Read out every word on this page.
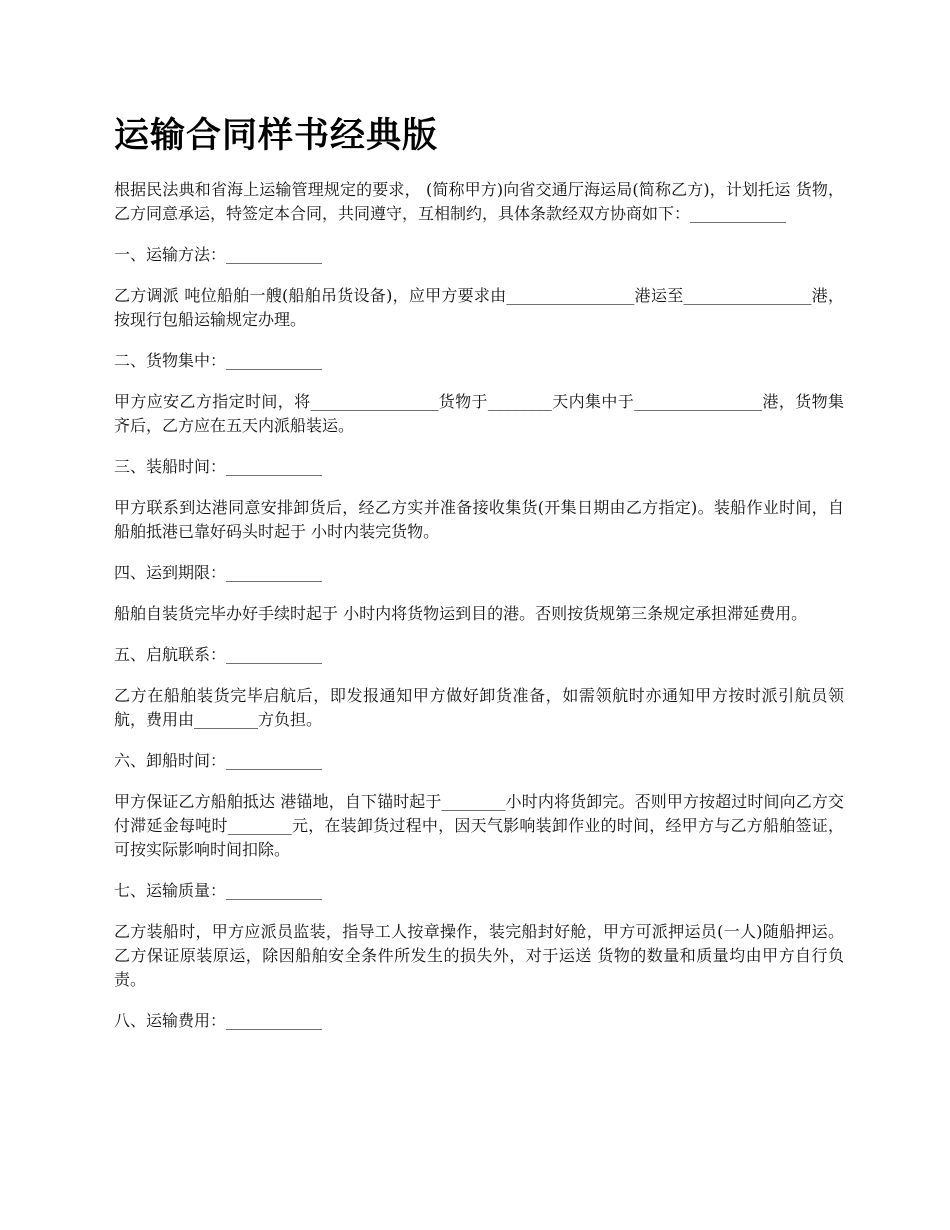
运输合同样书经典版

根据民法典和省海上运输管理规定的要求， (简称甲方)向省交通厅海运局(简称乙方)，计划托运 货物，乙方同意承运，特签定本合同，共同遵守，互相制约，具体条款经双方协商如下：____________

一、运输方法：____________

乙方调派 吨位船舶一艘(船舶吊货设备)，应甲方要求由________________港运至________________港，按现行包船运输规定办理。

二、货物集中：____________

甲方应安乙方指定时间，将________________货物于________天内集中于________________港，货物集齐后，乙方应在五天内派船装运。

三、装船时间：____________

甲方联系到达港同意安排卸货后，经乙方实并准备接收集货(开集日期由乙方指定)。装船作业时间，自船舶抵港已靠好码头时起于 小时内装完货物。

四、运到期限：____________

船舶自装货完毕办好手续时起于 小时内将货物运到目的港。否则按货规第三条规定承担滞延费用。

五、启航联系：____________

乙方在船舶装货完毕启航后，即发报通知甲方做好卸货准备，如需领航时亦通知甲方按时派引航员领航，费用由________方负担。

六、卸船时间：____________

甲方保证乙方船舶抵达 港锚地，自下锚时起于________小时内将货卸完。否则甲方按超过时间向乙方交付滞延金每吨时________元，在装卸货过程中，因天气影响装卸作业的时间，经甲方与乙方船舶签证，可按实际影响时间扣除。

七、运输质量：____________

乙方装船时，甲方应派员监装，指导工人按章操作，装完船封好舱，甲方可派押运员(一人)随船押运。乙方保证原装原运，除因船舶安全条件所发生的损失外，对于运送 货物的数量和质量均由甲方自行负责。

八、运输费用：____________
